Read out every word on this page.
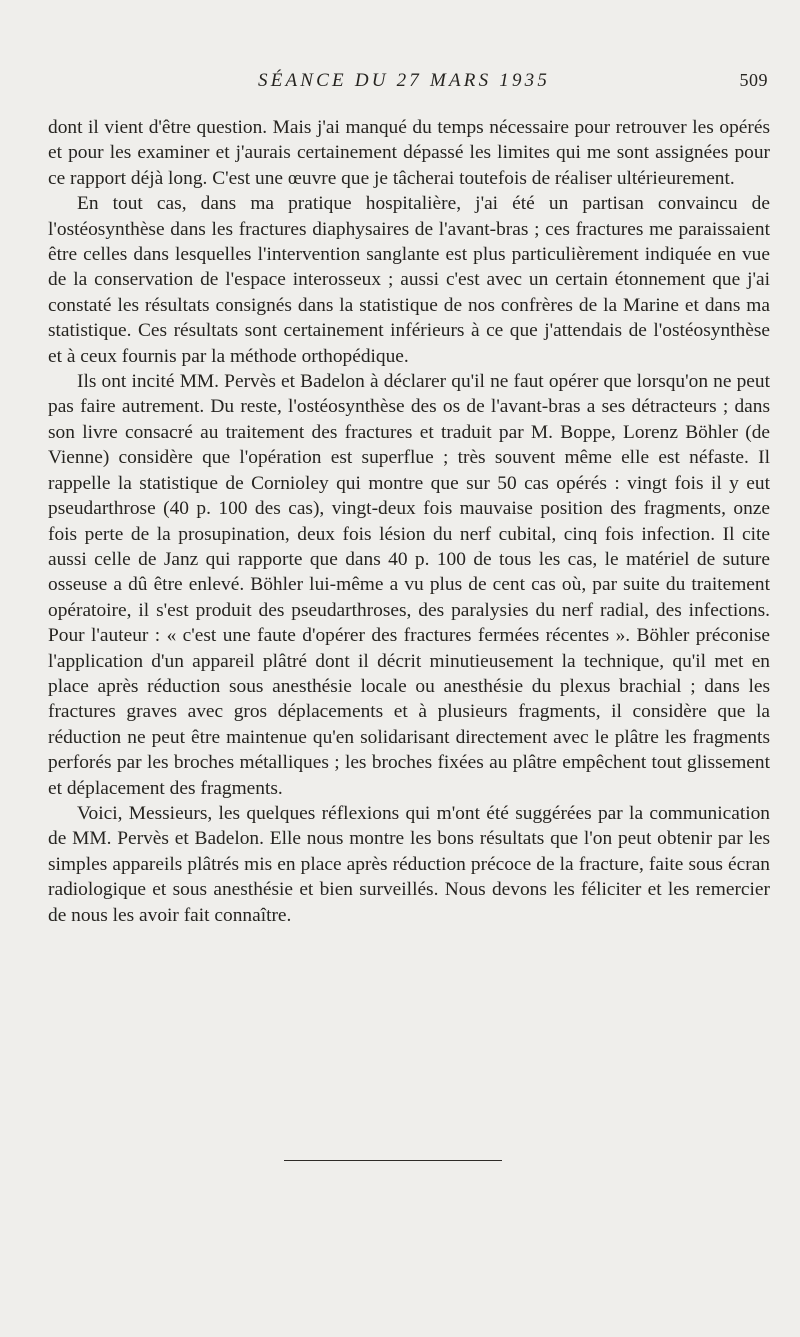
SÉANCE DU 27 MARS 1935	509

dont il vient d'être question. Mais j'ai manqué du temps nécessaire pour retrouver les opérés et pour les examiner et j'aurais certainement dépassé les limites qui me sont assignées pour ce rapport déjà long. C'est une œuvre que je tâcherai toutefois de réaliser ultérieurement.

En tout cas, dans ma pratique hospitalière, j'ai été un partisan convaincu de l'ostéosynthèse dans les fractures diaphysaires de l'avant-bras ; ces fractures me paraissaient être celles dans lesquelles l'intervention sanglante est plus particulièrement indiquée en vue de la conservation de l'espace interosseux ; aussi c'est avec un certain étonnement que j'ai constaté les résultats consignés dans la statistique de nos confrères de la Marine et dans ma statistique. Ces résultats sont certainement inférieurs à ce que j'attendais de l'ostéosynthèse et à ceux fournis par la méthode orthopédique.

Ils ont incité MM. Pervès et Badelon à déclarer qu'il ne faut opérer que lorsqu'on ne peut pas faire autrement. Du reste, l'ostéosynthèse des os de l'avant-bras a ses détracteurs ; dans son livre consacré au traitement des fractures et traduit par M. Boppe, Lorenz Böhler (de Vienne) considère que l'opération est superflue ; très souvent même elle est néfaste. Il rappelle la statistique de Cornioley qui montre que sur 50 cas opérés : vingt fois il y eut pseudarthrose (40 p. 100 des cas), vingt-deux fois mauvaise position des fragments, onze fois perte de la prosupination, deux fois lésion du nerf cubital, cinq fois infection. Il cite aussi celle de Janz qui rapporte que dans 40 p. 100 de tous les cas, le matériel de suture osseuse a dû être enlevé. Böhler lui-même a vu plus de cent cas où, par suite du traitement opératoire, il s'est produit des pseudarthroses, des paralysies du nerf radial, des infections. Pour l'auteur : « c'est une faute d'opérer des fractures fermées récentes ». Böhler préconise l'application d'un appareil plâtré dont il décrit minutieusement la technique, qu'il met en place après réduction sous anesthésie locale ou anesthésie du plexus brachial ; dans les fractures graves avec gros déplacements et à plusieurs fragments, il considère que la réduction ne peut être maintenue qu'en solidarisant directement avec le plâtre les fragments perforés par les broches métalliques ; les broches fixées au plâtre empêchent tout glissement et déplacement des fragments.

Voici, Messieurs, les quelques réflexions qui m'ont été suggérées par la communication de MM. Pervès et Badelon. Elle nous montre les bons résultats que l'on peut obtenir par les simples appareils plâtrés mis en place après réduction précoce de la fracture, faite sous écran radiologique et sous anesthésie et bien surveillés. Nous devons les féliciter et les remercier de nous les avoir fait connaître.
